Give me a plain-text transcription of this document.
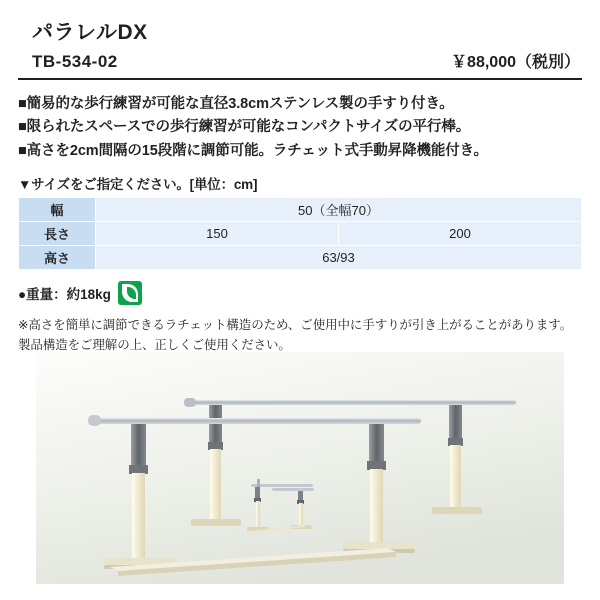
パラレルDX
TB-534-02	￥88,000（税別）
■簡易的な歩行練習が可能な直径3.8cmステンレス製の手すり付き。
■限られたスペースでの歩行練習が可能なコンパクトサイズの平行棒。
■高さを2cm間隔の15段階に調節可能。ラチェット式手動昇降機能付き。
▼サイズをご指定ください。[単位：cm]
幅	50（全幅70）	
長さ	150	200
高さ	63/93	
●重量：約18kg
※高さを簡単に調節できるラチェット構造のため、ご使用中に手すりが引き上がることがあります。製品構造をご理解の上、正しくご使用ください。
